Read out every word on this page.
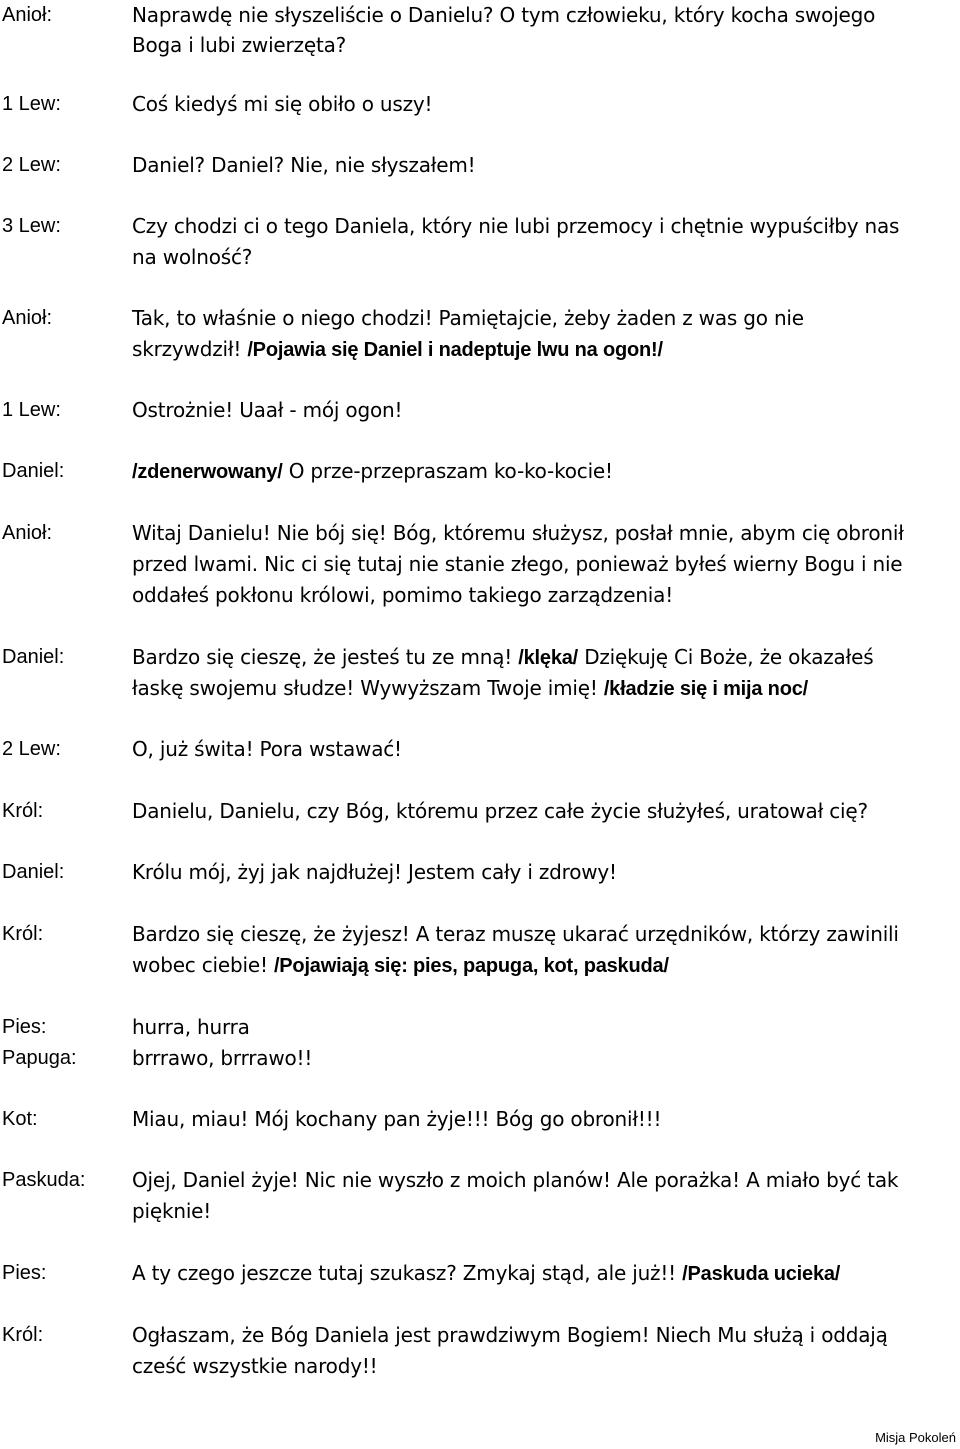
Anioł:	Naprawdę nie słyszeliście o Danielu? O tym człowieku, który kocha swojego
Boga i lubi zwierzęta?
1 Lew:	Coś kiedyś mi się obiło o uszy!
2 Lew:	Daniel? Daniel? Nie, nie słyszałem!
3 Lew:	Czy chodzi ci o tego Daniela, który nie lubi przemocy i chętnie wypuściłby nas
na wolność?
Anioł:	Tak, to właśnie o niego chodzi! Pamiętajcie, żeby żaden z was go nie
skrzywdził! /Pojawia się Daniel i nadeptuje lwu na ogon!/
1 Lew:	Ostrożnie! Uaał - mój ogon!
Daniel:	/zdenerwowany/ O prze-przepraszam ko-ko-kocie!
Anioł:	Witaj Danielu! Nie bój się! Bóg, któremu służysz, posłał mnie, abym cię obronił
przed lwami. Nic ci się tutaj nie stanie złego, ponieważ byłeś wierny Bogu i nie
oddałeś pokłonu królowi, pomimo takiego zarządzenia!
Daniel:	Bardzo się cieszę, że jesteś tu ze mną! /klęka/ Dziękuję Ci Boże, że okazałeś
łaskę swojemu słudze! Wywyższam Twoje imię! /kładzie się i mija noc/
2 Lew:	O, już świta! Pora wstawać!
Król:	Danielu, Danielu, czy Bóg, któremu przez całe życie służyłeś, uratował cię?
Daniel:	Królu mój, żyj jak najdłużej! Jestem cały i zdrowy!
Król:	Bardzo się cieszę, że żyjesz! A teraz muszę ukarać urzędników, którzy zawinili
wobec ciebie! /Pojawiają się: pies, papuga, kot, paskuda/
Pies:	hurra, hurra
Papuga:	brrrawo, brrrawo!!
Kot:	Miau, miau! Mój kochany pan żyje!!! Bóg go obronił!!!
Paskuda: Ojej, Daniel żyje! Nic nie wyszło z moich planów! Ale porażka! A miało być tak
pięknie!
Pies:	A ty czego jeszcze tutaj szukasz? Zmykaj stąd, ale już!! /Paskuda ucieka/
Król:	Ogłaszam, że Bóg Daniela jest prawdziwym Bogiem! Niech Mu służą i oddają
cześć wszystkie narody!!
Misja Pokoleń
